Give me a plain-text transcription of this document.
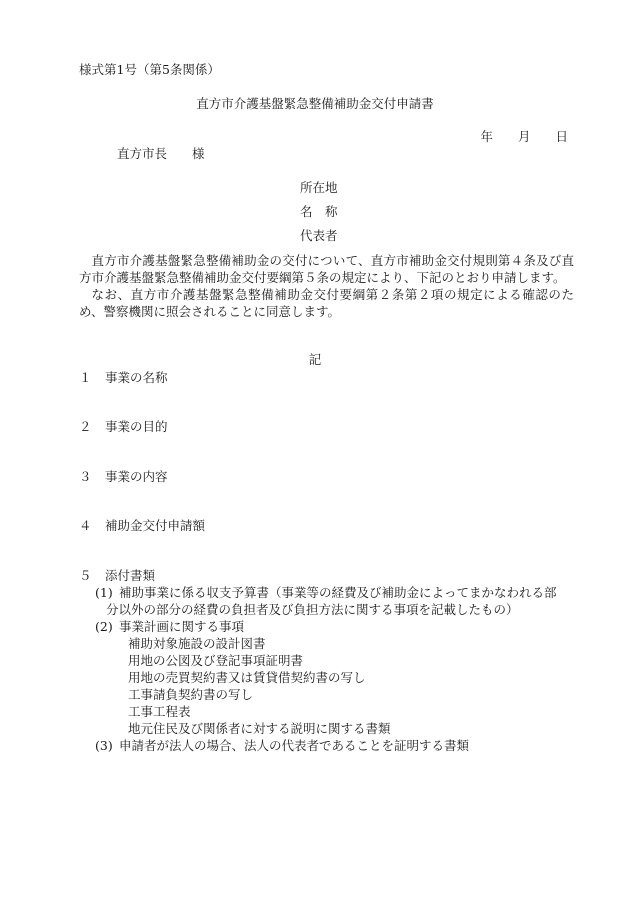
様式第1号（第5条関係）
直方市介護基盤緊急整備補助金交付申請書
年　　月　　日
直方市長　　様
所在地
名　称
代表者

直方市介護基盤緊急整備補助金の交付について、直方市補助金交付規則第４条及び直方市介護基盤緊急整備補助金交付要綱第５条の規定により、下記のとおり申請します。

なお、直方市介護基盤緊急整備補助金交付要綱第２条第２項の規定による確認のため、警察機関に照会されることに同意します。

記
１ 事業の名称
２ 事業の目的
３ 事業の内容
４ 補助金交付申請額
５ 添付書類
(1) 補助事業に係る収支予算書（事業等の経費及び補助金によってまかなわれる部
分以外の部分の経費の負担者及び負担方法に関する事項を記載したもの）
(2) 事業計画に関する事項
補助対象施設の設計図書
用地の公図及び登記事項証明書
用地の売買契約書又は賃貸借契約書の写し
工事請負契約書の写し
工事工程表
地元住民及び関係者に対する説明に関する書類
(3) 申請者が法人の場合、法人の代表者であることを証明する書類
